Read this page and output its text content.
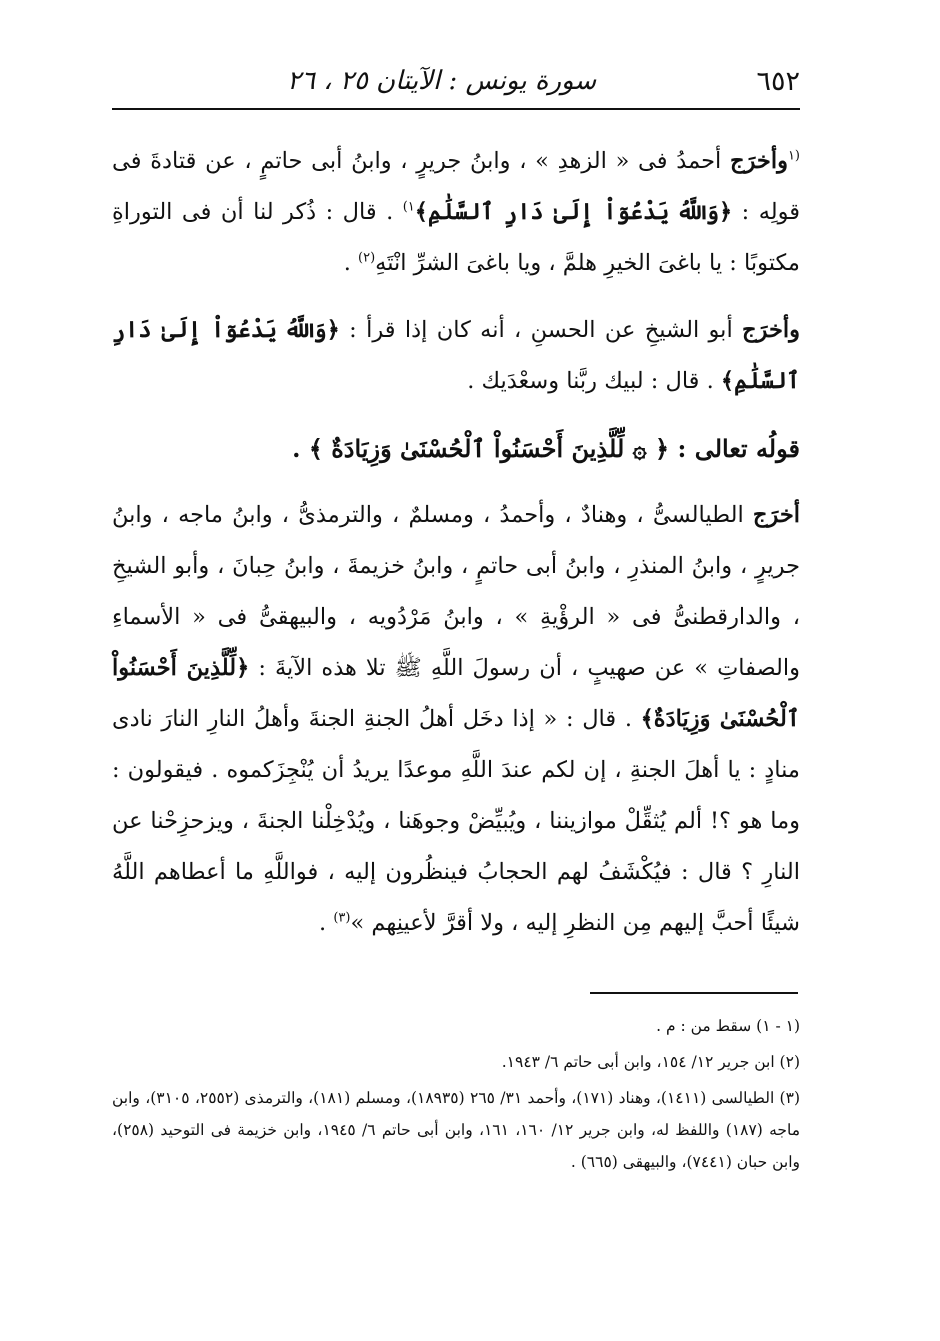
٦٥٢
سورة يونس : الآيتان ٢٥ ، ٢٦

$^{(١}$وأخرَج أحمدُ فى « الزهدِ » ، وابنُ جريرٍ ، وابنُ أبى حاتمٍ ، عن قتادةَ فى قولِه : ﴿وَاللَّهُ يَدْعُوٓاْ إِلَىٰ دَارِ ٱلسَّلَٰمِ﴾$^{١)}$ . قال : ذُكر لنا أن فى التوراةِ مكتوبًا : يا باغىَ الخيرِ هلمَّ ، ويا باغىَ الشرِّ انْتَهِ$^{(٢)}$ .

وأخرَج أبو الشيخِ عن الحسنِ ، أنه كان إذا قرأ : ﴿وَاللَّهُ يَدْعُوٓاْ إِلَىٰ دَارِ ٱلسَّلَٰمِ﴾ . قال : لبيك ربَّنا وسعْدَيك .

قولُه تعالى : ﴿ ۞ لِّلَّذِينَ أَحْسَنُواْ ٱلْحُسْنَىٰ وَزِيَادَةٌ ﴾ .

أخرَج الطيالسىُّ ، وهنادٌ ، وأحمدُ ، ومسلمٌ ، والترمذىُّ ، وابنُ ماجه ، وابنُ جريرٍ ، وابنُ المنذرِ ، وابنُ أبى حاتمٍ ، وابنُ خزيمةَ ، وابنُ حِبانَ ، وأبو الشيخِ ، والدارقطنىُّ فى « الرؤْيةِ » ، وابنُ مَرْدُويه ، والبيهقىُّ فى « الأسماءِ والصفاتِ » عن صهيبٍ ، أن رسولَ اللَّهِ ﷺ تلا هذه الآيةَ : ﴿لِّلَّذِينَ أَحْسَنُواْ ٱلْحُسْنَىٰ وَزِيَادَةٌ﴾ . قال : « إذا دخَل أهلُ الجنةِ الجنةَ وأهلُ النارِ النارَ نادى منادٍ : يا أهلَ الجنةِ ، إن لكم عندَ اللَّهِ موعدًا يريدُ أن يُنْجِزَكموه . فيقولون : وما هو ؟! ألم يُثقِّلْ موازيننا ، ويُبيِّضْ وجوهَنا ، ويُدْخِلْنا الجنةَ ، ويزحزِحْنا عن النارِ ؟ قال : فيُكْشَفُ لهم الحجابُ فينظُرون إليه ، فواللَّهِ ما أعطاهم اللَّهُ شيئًا أحبَّ إليهم مِن النظرِ إليه ، ولا أقرَّ لأعينِهم »$^{(٣)}$ .

(١ - ١) سقط من : م .

(٢) ابن جرير ١٢/ ١٥٤، وابن أبى حاتم ٦/ ١٩٤٣.

(٣) الطيالسى (١٤١١)، وهناد (١٧١)، وأحمد ٣١/ ٢٦٥ (١٨٩٣٥)، ومسلم (١٨١)، والترمذى (٢٥٥٢، ٣١٠٥)، وابن ماجه (١٨٧) واللفظ له، وابن جرير ١٢/ ١٦٠، ١٦١، وابن أبى حاتم ٦/ ١٩٤٥، وابن خزيمة فى التوحيد (٢٥٨)، وابن حبان (٧٤٤١)، والبيهقى (٦٦٥) .
